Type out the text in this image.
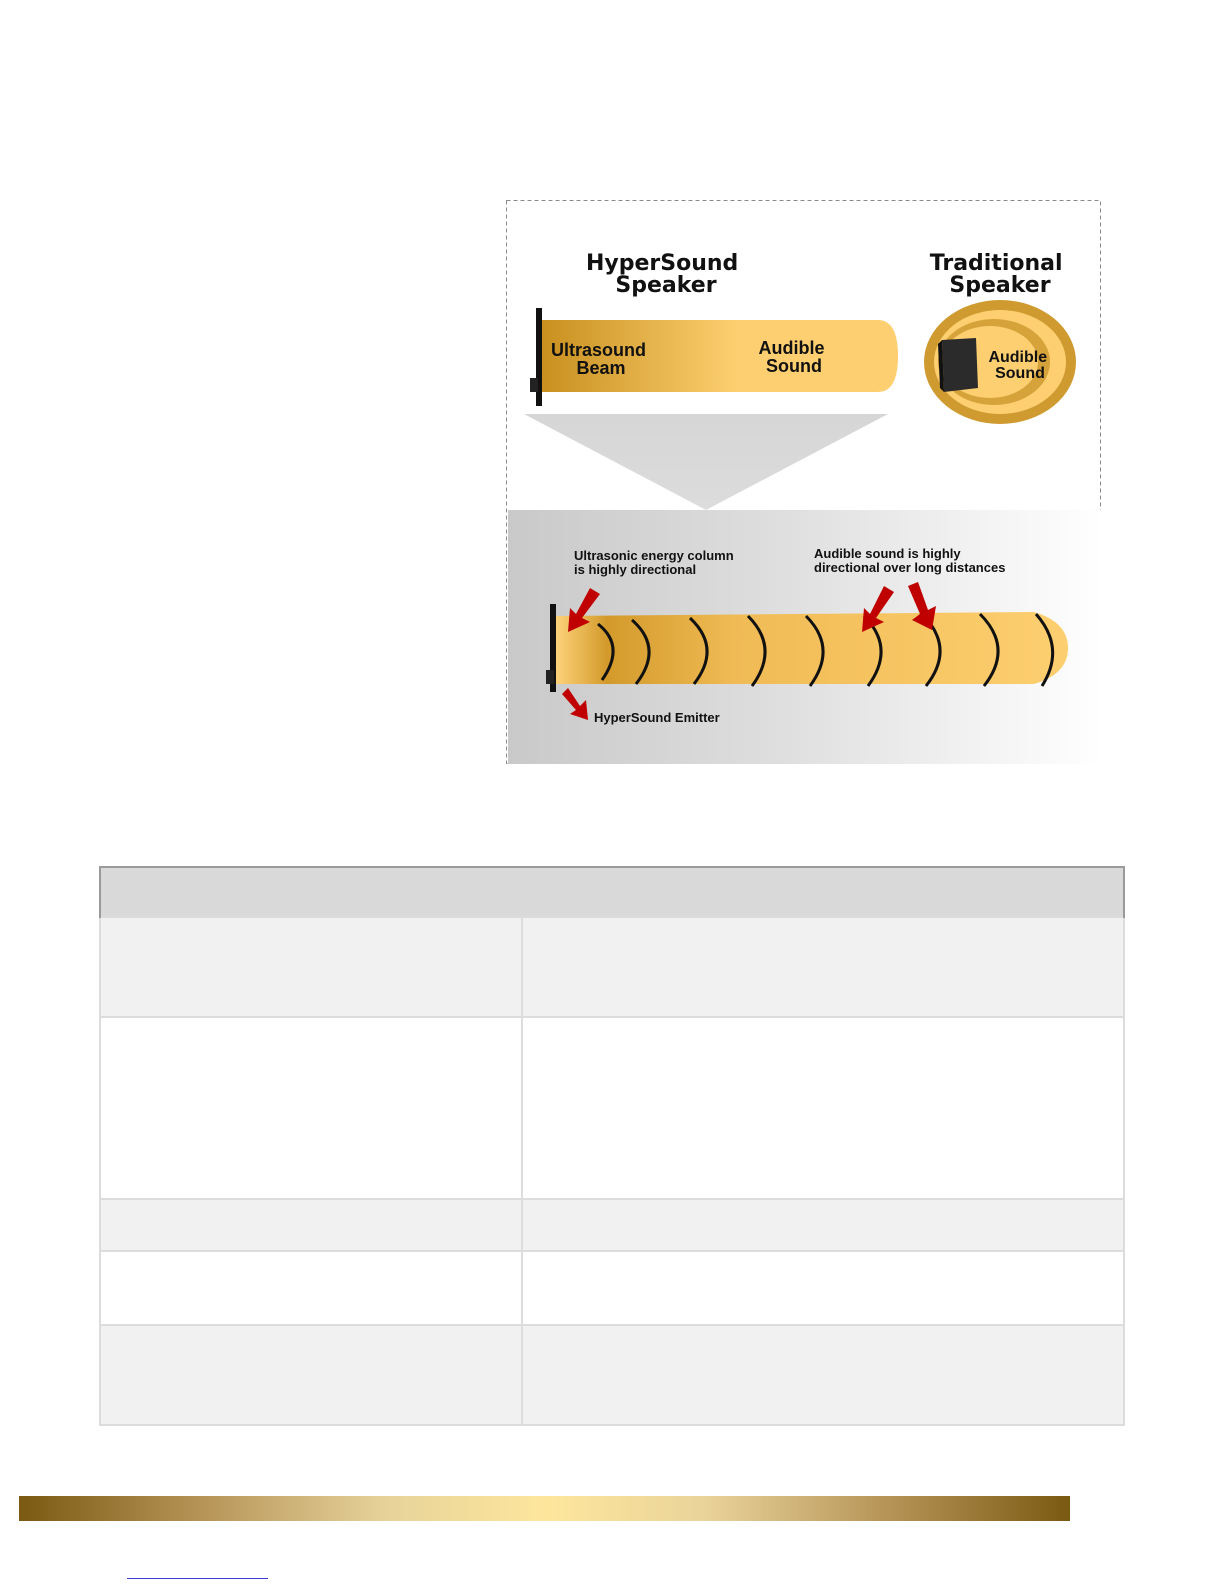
HyperSound Speaker
Traditional Speaker
Ultrasound Beam
Audible Sound	Audible Sound
Ultrasonic energy column is highly directional
Audible sound is highly directional over long distances
HyperSound Emitter
